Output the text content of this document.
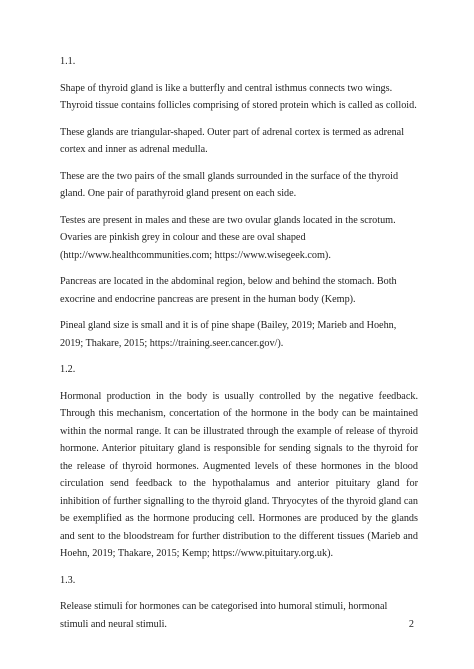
1.1.

Shape of thyroid gland is like a butterfly and central isthmus connects two wings. Thyroid tissue contains follicles comprising of stored protein which is called as colloid.

These glands are triangular-shaped. Outer part of adrenal cortex is termed as adrenal cortex and inner as adrenal medulla.

These are the two pairs of the small glands surrounded in the surface of the thyroid gland. One pair of parathyroid gland present on each side.

Testes are present in males and these are two ovular glands located in the scrotum. Ovaries are pinkish grey in colour and these are oval shaped (http://www.healthcommunities.com; https://www.wisegeek.com).

Pancreas are located in the abdominal region, below and behind the stomach. Both exocrine and endocrine pancreas are present in the human body (Kemp).

Pineal gland size is small and it is of pine shape (Bailey, 2019; Marieb and Hoehn, 2019; Thakare, 2015; https://training.seer.cancer.gov/).

1.2.

Hormonal production in the body is usually controlled by the negative feedback. Through this mechanism, concertation of the hormone in the body can be maintained within the normal range. It can be illustrated through the example of release of thyroid hormone. Anterior pituitary gland is responsible for sending signals to the thyroid for the release of thyroid hormones. Augmented levels of these hormones in the blood circulation send feedback to the hypothalamus and anterior pituitary gland for inhibition of further signalling to the thyroid gland. Thryocytes of the thyroid gland can be exemplified as the hormone producing cell. Hormones are produced by the glands and sent to the bloodstream for further distribution to the different tissues (Marieb and Hoehn, 2019; Thakare, 2015; Kemp; https://www.pituitary.org.uk).

1.3.

Release stimuli for hormones can be categorised into humoral stimuli, hormonal stimuli and neural stimuli.	2
